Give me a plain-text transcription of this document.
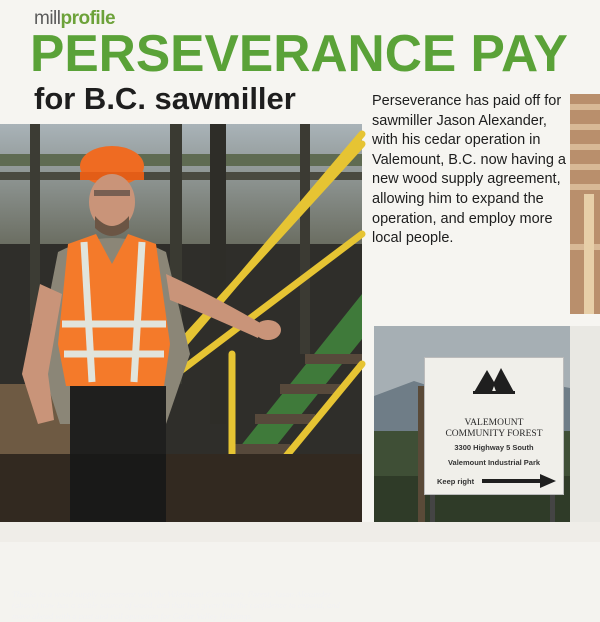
millprofile
PERSEVERANCE PAY
for B.C. sawmiller	Perseverance has paid off for sawmiller Jason Alexander, with his cedar operation in Valemount, B.C. now having a new wood supply agreement, allowing him to expand the operation, and employ more local people.
Thanks to a wood supply agreement with the Valemount Community Forest, Jason Alexander (above) now has a stable source of wood, and that has given him the confidence to expand, and move ahead with a post and rail operation for Cedar Valley Holdings.
VALEMOUNT
COMMUNITY FOREST
3300 Highway 5 South
Valemount Industrial Park
Keep right
